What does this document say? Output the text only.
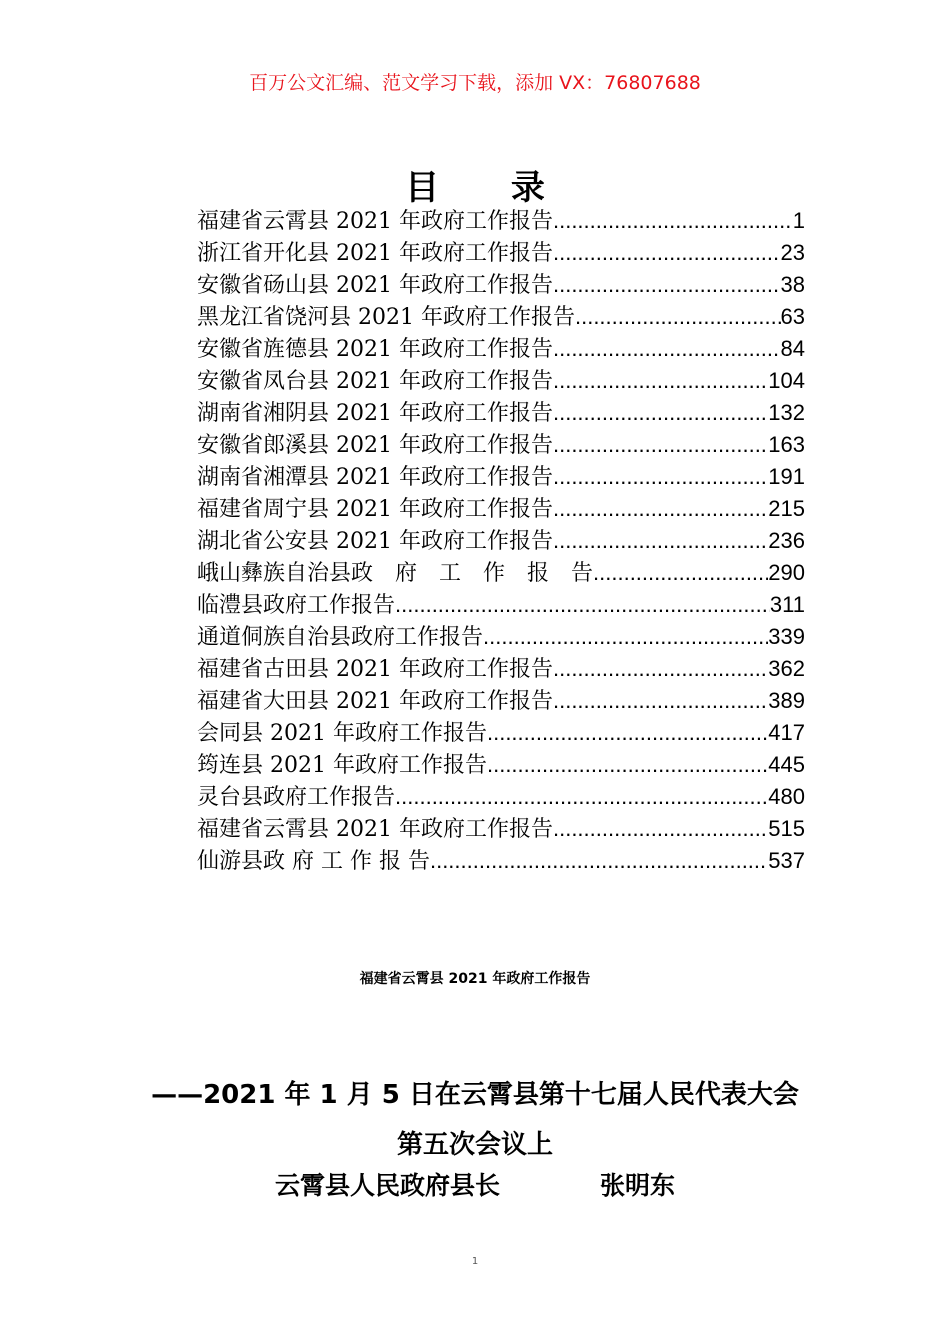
百万公文汇编、范文学习下载，添加 VX：76807688
目 录
福建省云霄县 2021 年政府工作报告 .....	1
浙江省开化县 2021 年政府工作报告 .....	23
安徽省砀山县 2021 年政府工作报告 .....	38
黑龙江省饶河县 2021 年政府工作报告 .....	63
安徽省旌德县 2021 年政府工作报告 .....	84
安徽省凤台县 2021 年政府工作报告 .....	104
湖南省湘阴县 2021 年政府工作报告 .....	132
安徽省郎溪县 2021 年政府工作报告 .....	163
湖南省湘潭县 2021 年政府工作报告 .....	191
福建省周宁县 2021 年政府工作报告 .....	215
湖北省公安县 2021 年政府工作报告 .....	236
峨山彝族自治县政　府　工　作　报　告 .....	290
临澧县政府工作报告 .....	311
通道侗族自治县政府工作报告 .....	339
福建省古田县 2021 年政府工作报告 .....	362
福建省大田县 2021 年政府工作报告 .....	389
会同县 2021 年政府工作报告 .....	417
筠连县 2021 年政府工作报告 .....	445
灵台县政府工作报告 .....	480
福建省云霄县 2021 年政府工作报告 .....	515
仙游县政 府 工 作 报 告 .....	537
福建省云霄县 2021 年政府工作报告
——2021 年 1 月 5 日在云霄县第十七届人民代表大会第五次会议上
云霄县人民政府县长	张明东
1
